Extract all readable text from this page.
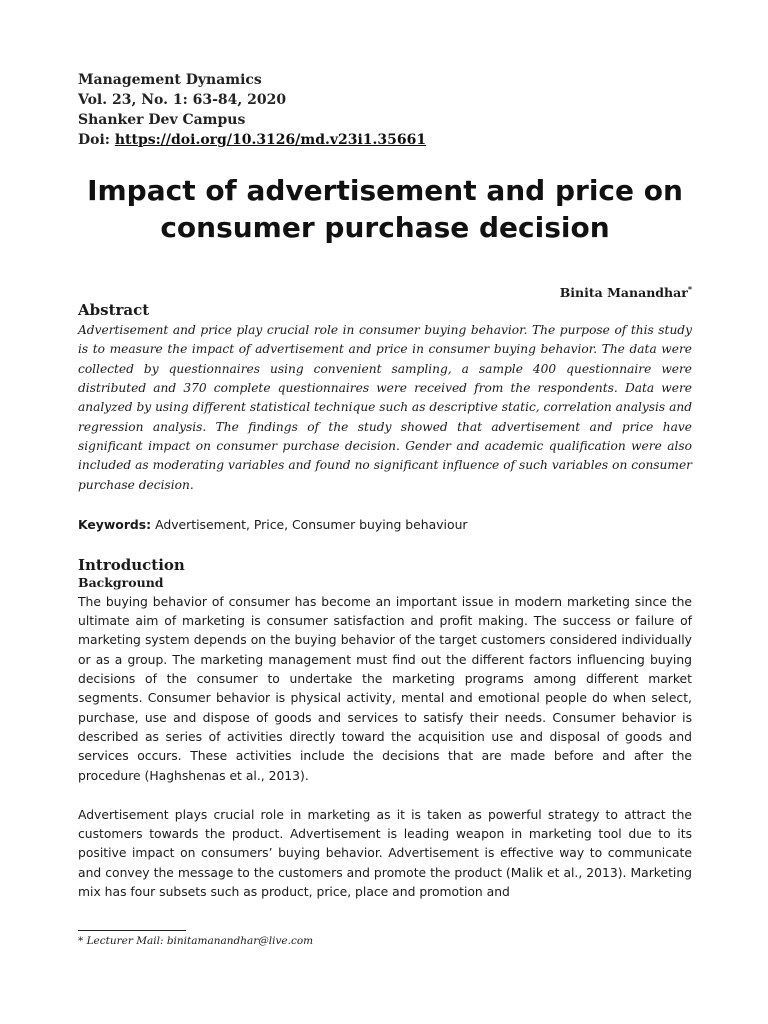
Management Dynamics
Vol. 23, No. 1: 63-84, 2020
Shanker Dev Campus
Doi: https://doi.org/10.3126/md.v23i1.35661
Impact of advertisement and price on consumer purchase decision
Binita Manandhar*
Abstract
Advertisement and price play crucial role in consumer buying behavior. The purpose of this study is to measure the impact of advertisement and price in consumer buying behavior. The data were collected by questionnaires using convenient sampling, a sample 400 questionnaire were distributed and 370 complete questionnaires were received from the respondents. Data were analyzed by using different statistical technique such as descriptive static, correlation analysis and regression analysis. The findings of the study showed that advertisement and price have significant impact on consumer purchase decision. Gender and academic qualification were also included as moderating variables and found no significant influence of such variables on consumer purchase decision.
Keywords: Advertisement, Price, Consumer buying behaviour
Introduction
Background

The buying behavior of consumer has become an important issue in modern marketing since the ultimate aim of marketing is consumer satisfaction and profit making. The success or failure of marketing system depends on the buying behavior of the target customers considered individually or as a group. The marketing management must find out the different factors influencing buying decisions of the consumer to undertake the marketing programs among different market segments. Consumer behavior is physical activity, mental and emotional people do when select, purchase, use and dispose of goods and services to satisfy their needs. Consumer behavior is described as series of activities directly toward the acquisition use and disposal of goods and services occurs. These activities include the decisions that are made before and after the procedure (Haghshenas et al., 2013).

Advertisement plays crucial role in marketing as it is taken as powerful strategy to attract the customers towards the product. Advertisement is leading weapon in marketing tool due to its positive impact on consumers’ buying behavior. Advertisement is effective way to communicate and convey the message to the customers and promote the product (Malik et al., 2013). Marketing mix has four subsets such as product, price, place and promotion and

* Lecturer Mail: binitamanandhar@live.com
